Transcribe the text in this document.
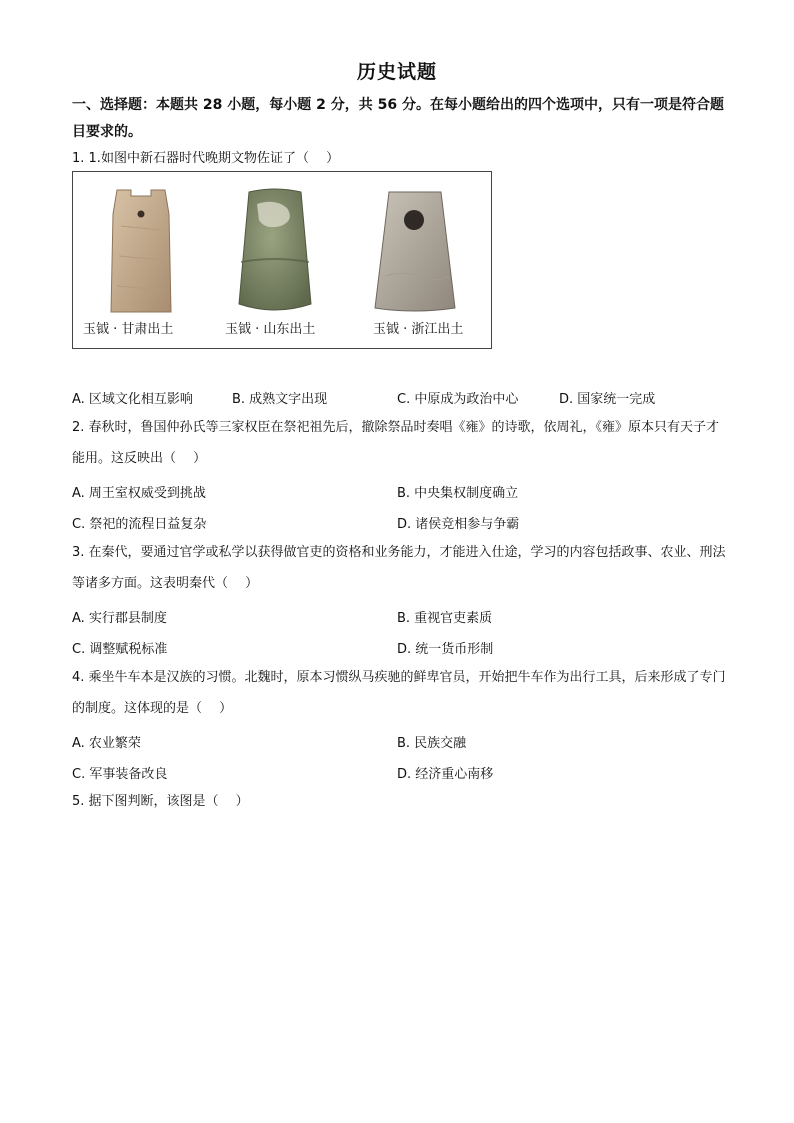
历史试题
一、选择题：本题共 28 小题，每小题 2 分，共 56 分。在每小题给出的四个选项中，只有一项是符合题目要求的。
1. 1.如图中新石器时代晚期文物佐证了（　 ）
玉钺 · 甘肃出土	玉钺 · 山东出土	玉钺 · 浙江出土
A. 区域文化相互影响	B. 成熟文字出现	C. 中原成为政治中心	D. 国家统一完成
2. 春秋时，鲁国仲孙氏等三家权臣在祭祀祖先后，撤除祭品时奏唱《雍》的诗歌，依周礼，《雍》原本只有天子才能用。这反映出（　 ）
A. 周王室权威受到挑战	B. 中央集权制度确立
C. 祭祀的流程日益复杂	D. 诸侯竞相参与争霸
3. 在秦代，要通过官学或私学以获得做官吏的资格和业务能力，才能进入仕途，学习的内容包括政事、农业、刑法等诸多方面。这表明秦代（　 ）
A. 实行郡县制度	B. 重视官吏素质
C. 调整赋税标准	D. 统一货币形制
4. 乘坐牛车本是汉族的习惯。北魏时，原本习惯纵马疾驰的鲜卑官员，开始把牛车作为出行工具，后来形成了专门的制度。这体现的是（　 ）
A. 农业繁荣	B. 民族交融
C. 军事装备改良	D. 经济重心南移
5. 据下图判断，该图是（　 ）
